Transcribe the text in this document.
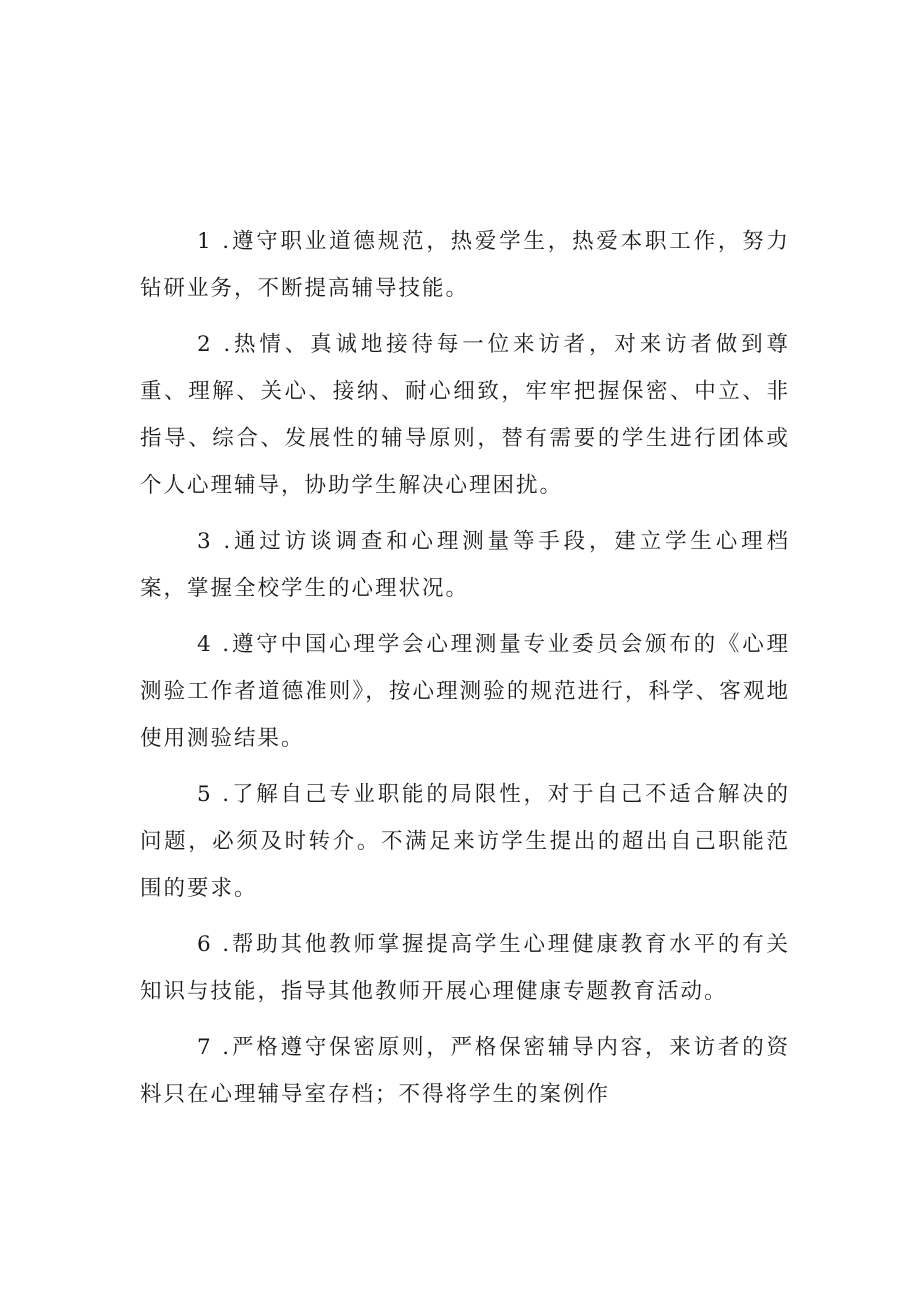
1 .遵守职业道德规范，热爱学生，热爱本职工作，努力钻研业务，不断提高辅导技能。

2 .热情、真诚地接待每一位来访者，对来访者做到尊重、理解、关心、接纳、耐心细致，牢牢把握保密、中立、非指导、综合、发展性的辅导原则，替有需要的学生进行团体或个人心理辅导，协助学生解决心理困扰。

3 .通过访谈调查和心理测量等手段，建立学生心理档案，掌握全校学生的心理状况。

4 .遵守中国心理学会心理测量专业委员会颁布的《心理测验工作者道德准则》，按心理测验的规范进行，科学、客观地使用测验结果。

5 .了解自己专业职能的局限性，对于自己不适合解决的问题，必须及时转介。不满足来访学生提出的超出自己职能范围的要求。

6 .帮助其他教师掌握提高学生心理健康教育水平的有关知识与技能，指导其他教师开展心理健康专题教育活动。

7 .严格遵守保密原则，严格保密辅导内容，来访者的资料只在心理辅导室存档；不得将学生的案例作
